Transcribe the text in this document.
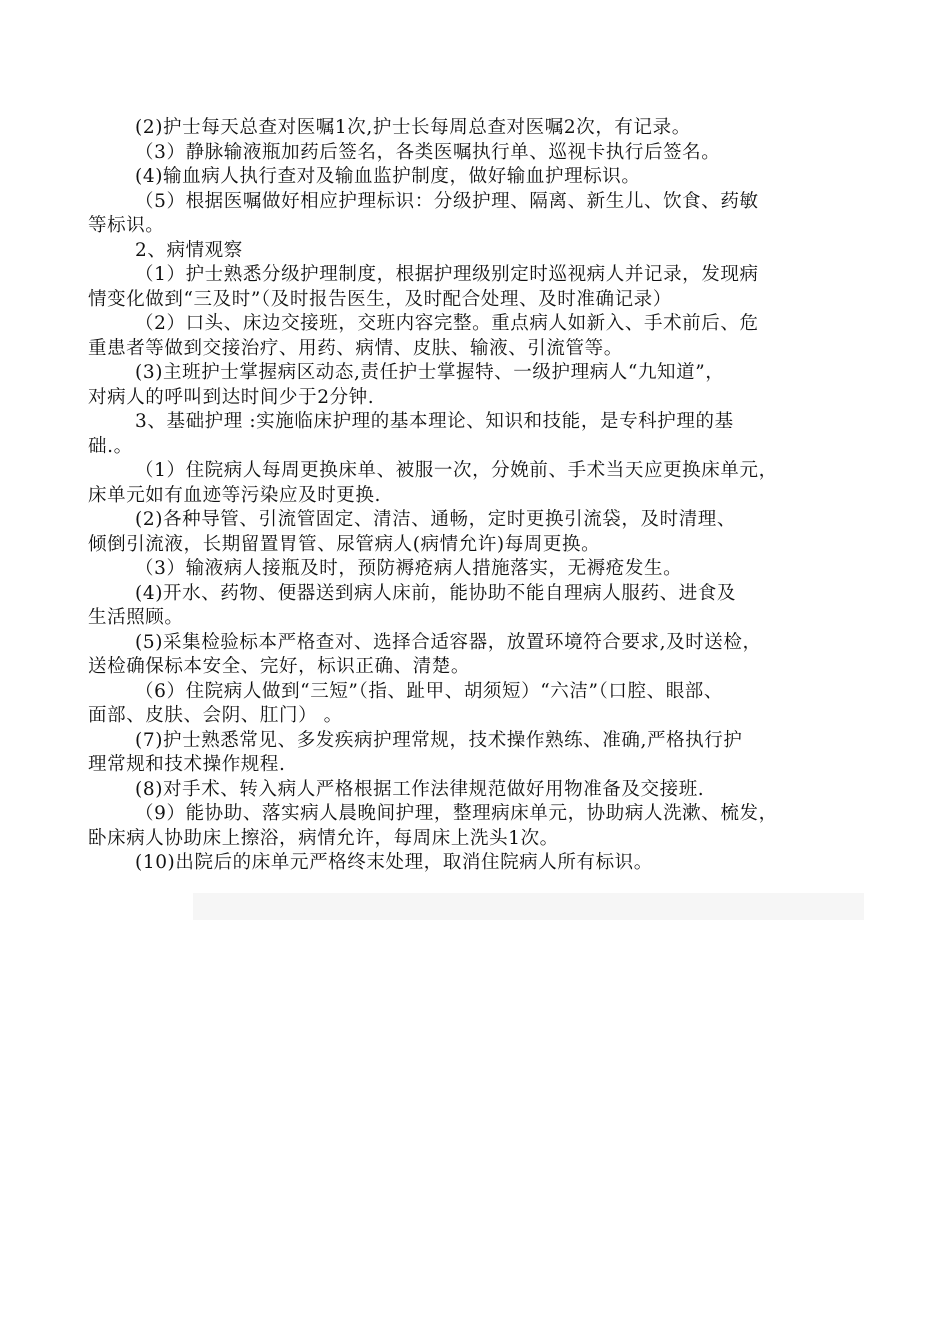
(2)护士每天总查对医嘱1次,护士长每周总查对医嘱2次，有记录。
（3）静脉输液瓶加药后签名，各类医嘱执行单、巡视卡执行后签名。
(4)输血病人执行查对及输血监护制度，做好输血护理标识。
（5）根据医嘱做好相应护理标识：分级护理、隔离、新生儿、饮食、药敏
等标识。
2、病情观察
（1）护士熟悉分级护理制度，根据护理级别定时巡视病人并记录，发现病
情变化做到“三及时”（及时报告医生，及时配合处理、及时准确记录）
（2）口头、床边交接班，交班内容完整。重点病人如新入、手术前后、危
重患者等做到交接治疗、用药、病情、皮肤、输液、引流管等。
(3)主班护士掌握病区动态,责任护士掌握特、一级护理病人“九知道”，
对病人的呼叫到达时间少于2分钟.
3、基础护理 :实施临床护理的基本理论、知识和技能，是专科护理的基
础.。
（1）住院病人每周更换床单、被服一次，分娩前、手术当天应更换床单元，
床单元如有血迹等污染应及时更换.
(2)各种导管、引流管固定、清洁、通畅，定时更换引流袋，及时清理、
倾倒引流液，长期留置胃管、尿管病人(病情允许)每周更换。
（3）输液病人接瓶及时，预防褥疮病人措施落实，无褥疮发生。
(4)开水、药物、便器送到病人床前，能协助不能自理病人服药、进食及
生活照顾。
(5)采集检验标本严格查对、选择合适容器，放置环境符合要求,及时送检，
送检确保标本安全、完好，标识正确、清楚。
（6）住院病人做到“三短”（指、趾甲、胡须短）“六洁”（口腔、眼部、
面部、皮肤、会阴、肛门） 。
(7)护士熟悉常见、多发疾病护理常规，技术操作熟练、准确,严格执行护
理常规和技术操作规程.
(8)对手术、转入病人严格根据工作法律规范做好用物准备及交接班.
（9）能协助、落实病人晨晚间护理，整理病床单元，协助病人洗漱、梳发，
卧床病人协助床上擦浴，病情允许，每周床上洗头1次。
(10)出院后的床单元严格终末处理，取消住院病人所有标识。
